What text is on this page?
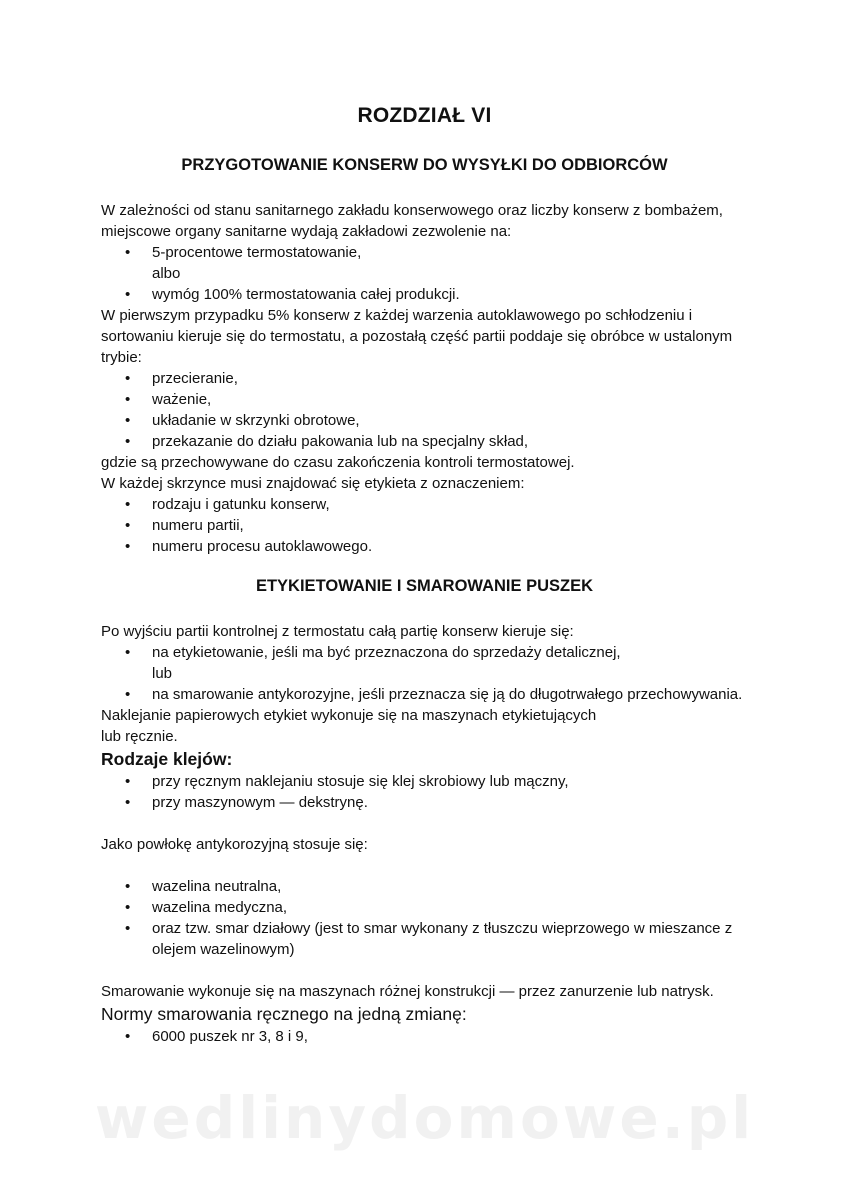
ROZDZIAŁ VI
PRZYGOTOWANIE KONSERW DO WYSYŁKI DO ODBIORCÓW

W zależności od stanu sanitarnego zakładu konserwowego oraz liczby konserw z bombażem, miejscowe organy sanitarne wydają zakładowi zezwolenie na:

• 5-procentowe termostatowanie,
albo
• wymóg 100% termostatowania całej produkcji.

W pierwszym przypadku 5% konserw z każdej warzenia autoklawowego po schłodzeniu i sortowaniu kieruje się do termostatu, a pozostałą część partii poddaje się obróbce w ustalonym trybie:

• przecieranie,
• ważenie,
• układanie w skrzynki obrotowe,
• przekazanie do działu pakowania lub na specjalny skład,

gdzie są przechowywane do czasu zakończenia kontroli termostatowej.

W każdej skrzynce musi znajdować się etykieta z oznaczeniem:

• rodzaju i gatunku konserw,
• numeru partii,
• numeru procesu autoklawowego.
ETYKIETOWANIE I SMAROWANIE PUSZEK

Po wyjściu partii kontrolnej z termostatu całą partię konserw kieruje się:

• na etykietowanie, jeśli ma być przeznaczona do sprzedaży detalicznej,
lub
• na smarowanie antykorozyjne, jeśli przeznacza się ją do długotrwałego przechowywania.

Naklejanie papierowych etykiet wykonuje się na maszynach etykietujących

lub ręcznie.

Rodzaje klejów:

• przy ręcznym naklejaniu stosuje się klej skrobiowy lub mączny,
• przy maszynowym — dekstrynę.

Jako powłokę antykorozyjną stosuje się:

• wazelina neutralna,
• wazelina medyczna,
• oraz tzw. smar działowy (jest to smar wykonany z tłuszczu wieprzowego w mieszance z olejem wazelinowym)

Smarowanie wykonuje się na maszynach różnej konstrukcji — przez zanurzenie lub natrysk.

Normy smarowania ręcznego na jedną zmianę:

• 6000 puszek nr 3, 8 i 9,
wedlinydomowe.pl
